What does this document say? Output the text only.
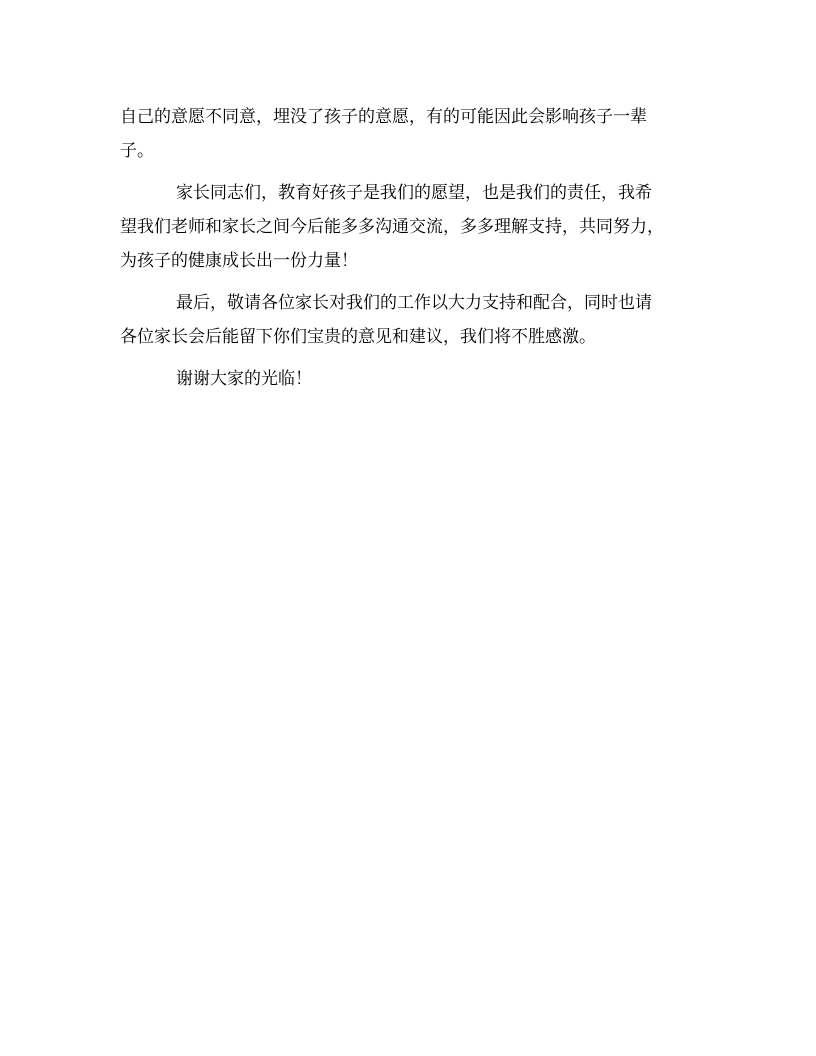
自己的意愿不同意，埋没了孩子的意愿，有的可能因此会影响孩子一辈
子。
家长同志们，教育好孩子是我们的愿望，也是我们的责任，我希
望我们老师和家长之间今后能多多沟通交流，多多理解支持，共同努力，
为孩子的健康成长出一份力量！
最后，敬请各位家长对我们的工作以大力支持和配合，同时也请
各位家长会后能留下你们宝贵的意见和建议，我们将不胜感激。
谢谢大家的光临！
